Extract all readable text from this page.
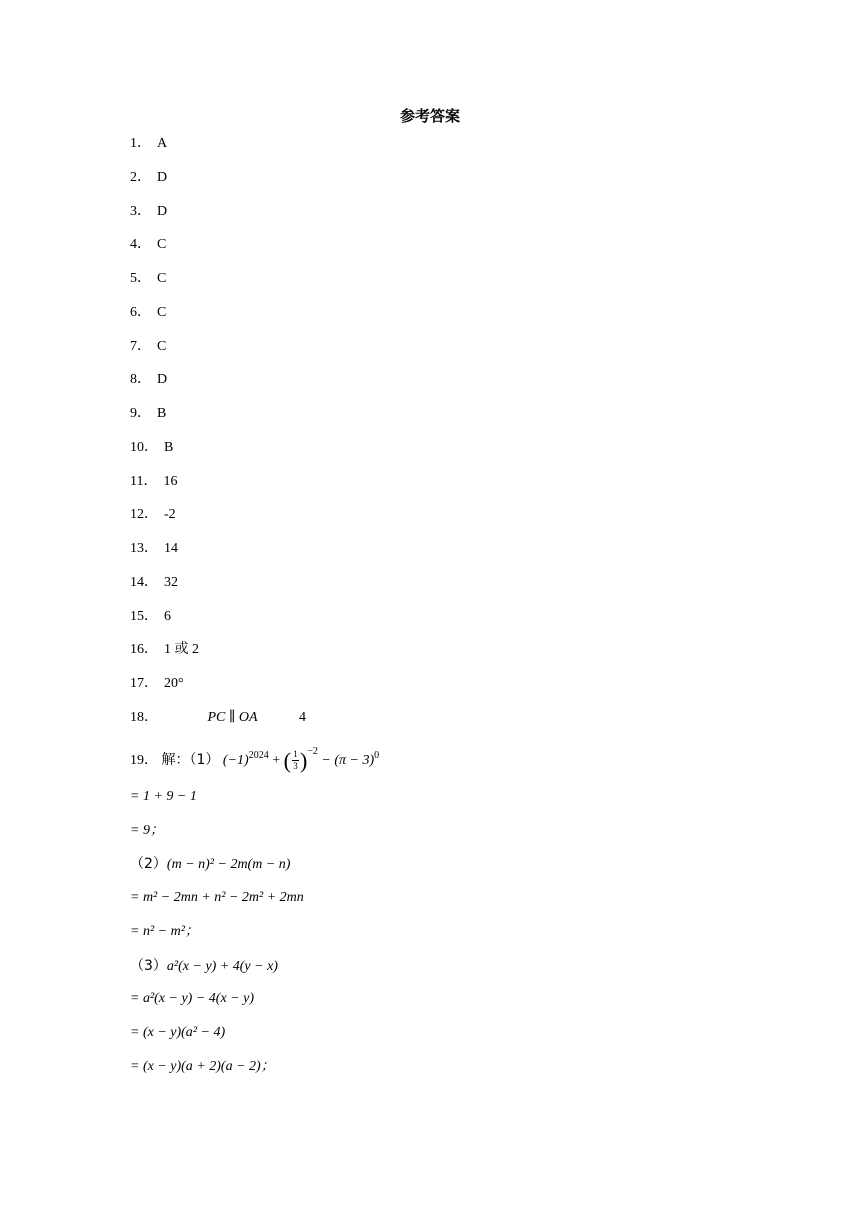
参考答案
1． A
2． D
3． D
4． C
5． C
6． C
7． C
8． D
9． B
10． B
11． 16
12． -2
13． 14
14． 32
15． 6
16． 1 或 2
17． 20°
18．	PC ∥ OA	4
19． 解：（1） $(-1)^{2024}$ + ( $\frac{1}{3} )^{-2} - (\pi - 3)^0$
= 1 + 9 − 1
= 9；
（2）(m − n)² − 2m(m − n)
= m² − 2mn + n² − 2m² + 2mn
= n² − m²；
（3）a²(x − y) + 4(y − x)
= a²(x − y) − 4(x − y)
= (x − y)(a² − 4)
= (x − y)(a + 2)(a − 2)；
